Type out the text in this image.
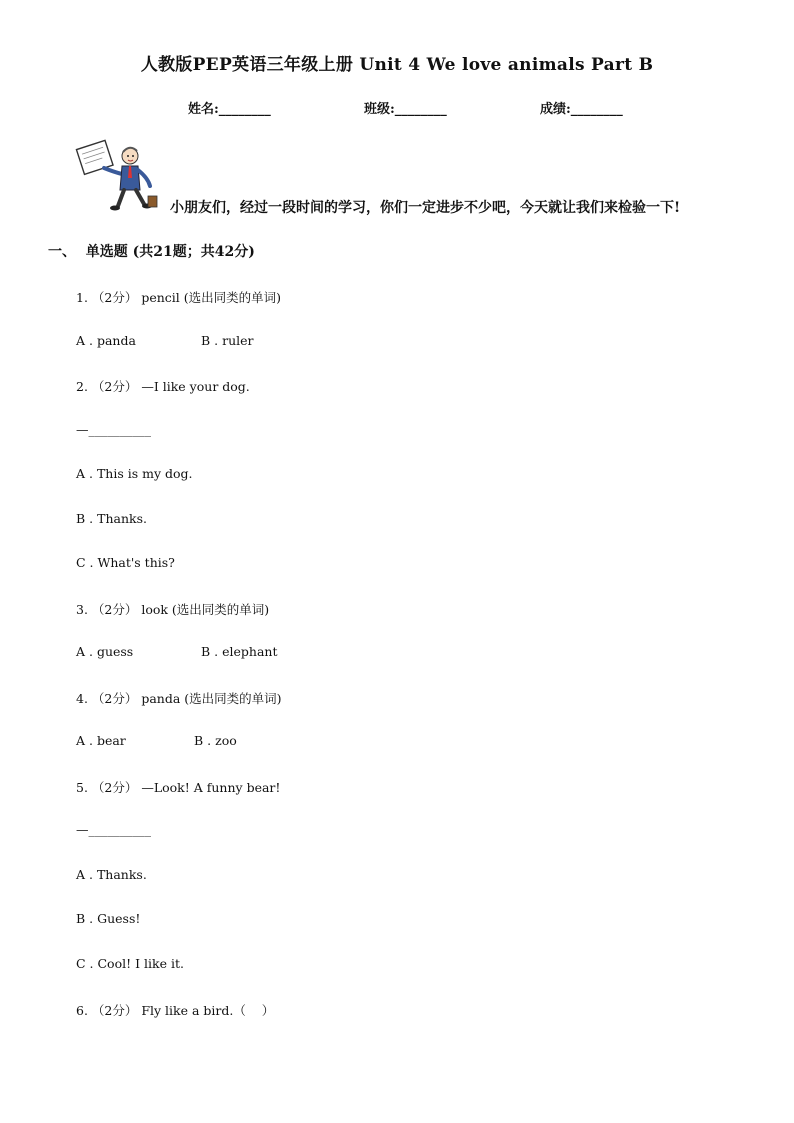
人教版PEP英语三年级上册 Unit 4 We love animals Part B
姓名:________	班级:________	成绩:________
小朋友们，经过一段时间的学习，你们一定进步不少吧，今天就让我们来检验一下!
一、  单选题 (共21题；共42分)
1. （2分） pencil (选出同类的单词)
A . panda	B . ruler
2. （2分） —I like your dog.
—__________
A . This is my dog.
B . Thanks.
C . What's this?
3. （2分） look (选出同类的单词)
A . guess	B . elephant
4. （2分） panda (选出同类的单词)
A . bear	B . zoo
5. （2分） —Look! A funny bear!
—__________
A . Thanks.
B . Guess!
C . Cool! I like it.
6. （2分） Fly like a bird.（    ）
